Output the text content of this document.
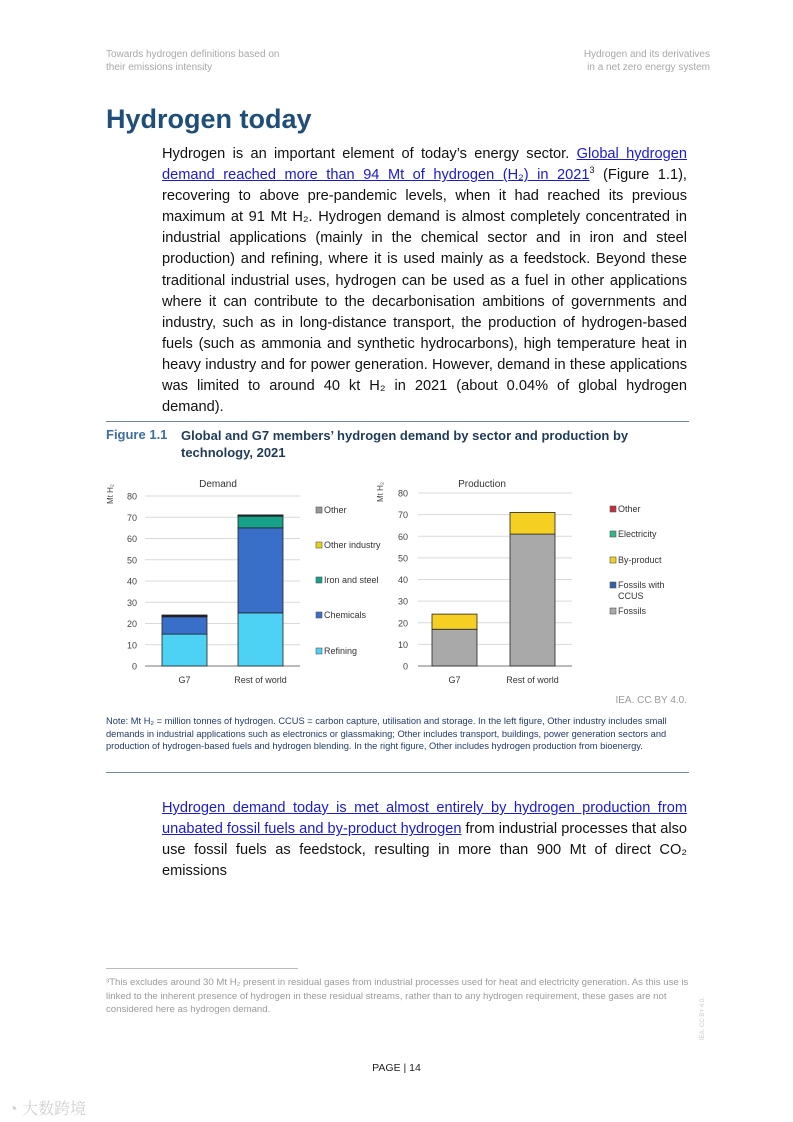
Towards hydrogen definitions based on
their emissions intensity
Hydrogen and its derivatives
in a net zero energy system
Hydrogen today
Hydrogen is an important element of today’s energy sector. Global hydrogen demand reached more than 94 Mt of hydrogen (H₂) in 2021$^3$ (Figure 1.1), recovering to above pre-pandemic levels, when it had reached its previous maximum at 91 Mt H₂. Hydrogen demand is almost completely concentrated in industrial applications (mainly in the chemical sector and in iron and steel production) and refining, where it is used mainly as a feedstock. Beyond these traditional industrial uses, hydrogen can be used as a fuel in other applications where it can contribute to the decarbonisation ambitions of governments and industry, such as in long-distance transport, the production of hydrogen-based fuels (such as ammonia and synthetic hydrocarbons), high temperature heat in heavy industry and for power generation. However, demand in these applications was limited to around 40 kt H₂ in 2021 (about 0.04% of global hydrogen demand).
Figure 1.1 Global and G7 members’ hydrogen demand by sector and production by technology, 2021
0
10
20
30
40
50
60
70
80
Demand
Mt H₂
G7	Rest of world
Other
Other industry
Iron and steel
Chemicals
Refining
0
10
20
30
40
50
60
70
80
Production
Mt H₂
G7	Rest of world
Other
Electricity
By-product
Fossils with
CCUS
Fossils
IEA. CC BY 4.0.
Note: Mt H₂ = million tonnes of hydrogen. CCUS = carbon capture, utilisation and storage. In the left figure, Other industry includes small demands in industrial applications such as electronics or glassmaking; Other includes transport, buildings, power generation sectors and production of hydrogen-based fuels and hydrogen blending. In the right figure, Other includes hydrogen production from bioenergy.
Hydrogen demand today is met almost entirely by hydrogen production from unabated fossil fuels and by-product hydrogen from industrial processes that also use fossil fuels as feedstock, resulting in more than 900 Mt of direct CO₂ emissions
³This excludes around 30 Mt H₂ present in residual gases from industrial processes used for heat and electricity generation. As this use is linked to the inherent presence of hydrogen in these residual streams, rather than to any hydrogen requirement, these gases are not considered here as hydrogen demand.
PAGE | 14
IEA. CC BY 4.0.
◔ 大数跨境
